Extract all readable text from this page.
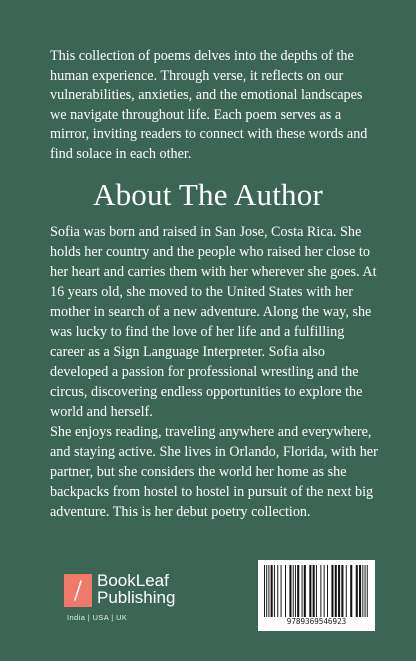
This collection of poems delves into the depths of the human experience. Through verse, it reflects on our vulnerabilities, anxieties, and the emotional landscapes we navigate throughout life. Each poem serves as a mirror, inviting readers to connect with these words and find solace in each other.
About The Author

Sofia was born and raised in San Jose, Costa Rica. She holds her country and the people who raised her close to her heart and carries them with her wherever she goes. At 16 years old, she moved to the United States with her mother in search of a new adventure. Along the way, she was lucky to find the love of her life and a fulfilling career as a Sign Language Interpreter. Sofia also developed a passion for professional wrestling and the circus, discovering endless opportunities to explore the world and herself.

She enjoys reading, traveling anywhere and everywhere, and staying active. She lives in Orlando, Florida, with her partner, but she considers the world her home as she backpacks from hostel to hostel in pursuit of the next big adventure. This is her debut poetry collection.

BookLeaf
Publishing
India | USA | UK	9789369546923
